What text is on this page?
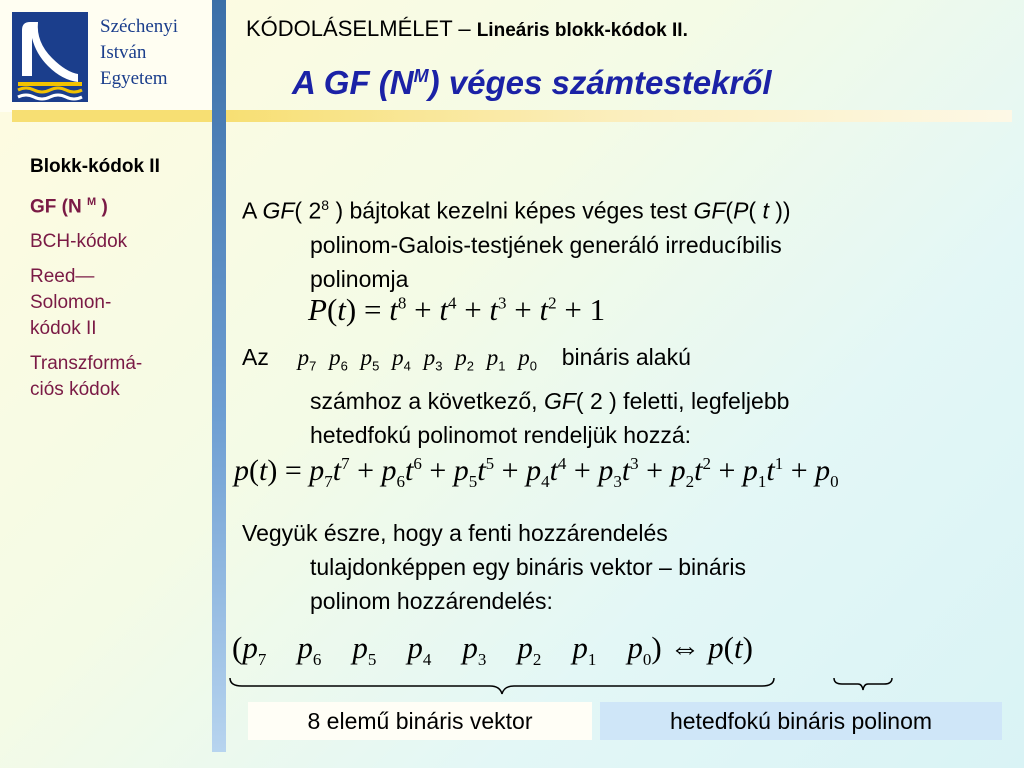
Széchenyi
István
Egyetem
KÓDOLÁSELMÉLET – Lineáris blokk-kódok II.
A GF $(N^M)$ véges számtestekről
Blokk-kódok II
GF (N $^M$ )
BCH-kódok
Reed—
Solomon-
kódok II
Transzformá-
ciós kódok
A GF( $2^8$ ) bájtokat kezelni képes véges test GF(P( t ))
polinom-Galois-testjének generáló irreducíbilis
polinomja
$P(t) = t^8 + t^4 + t^3 + t^2 + 1$
Az $p_7$ $p_6$ $p_5$ $p_4$ $p_3$ $p_2$ $p_1$ $p_0$ bináris alakú
számhoz a következő, GF( 2 ) feletti, legfeljebb
hetedfokú polinomot rendeljük hozzá:
$p(t) = p_7t^7 + p_6t^6 + p_5t^5 + p_4t^4 + p_3t^3 + p_2t^2 + p_1t^1 + p_0$
Vegyük észre, hogy a fenti hozzárendelés
tulajdonképpen egy bináris vektor – bináris
polinom hozzárendelés:
($p_7$ $p_6$ $p_5$ $p_4$ $p_3$ $p_2$ $p_1$ $p_0$) ⇔ p(t)
8 elemű bináris vektor	hetedfokú bináris polinom
